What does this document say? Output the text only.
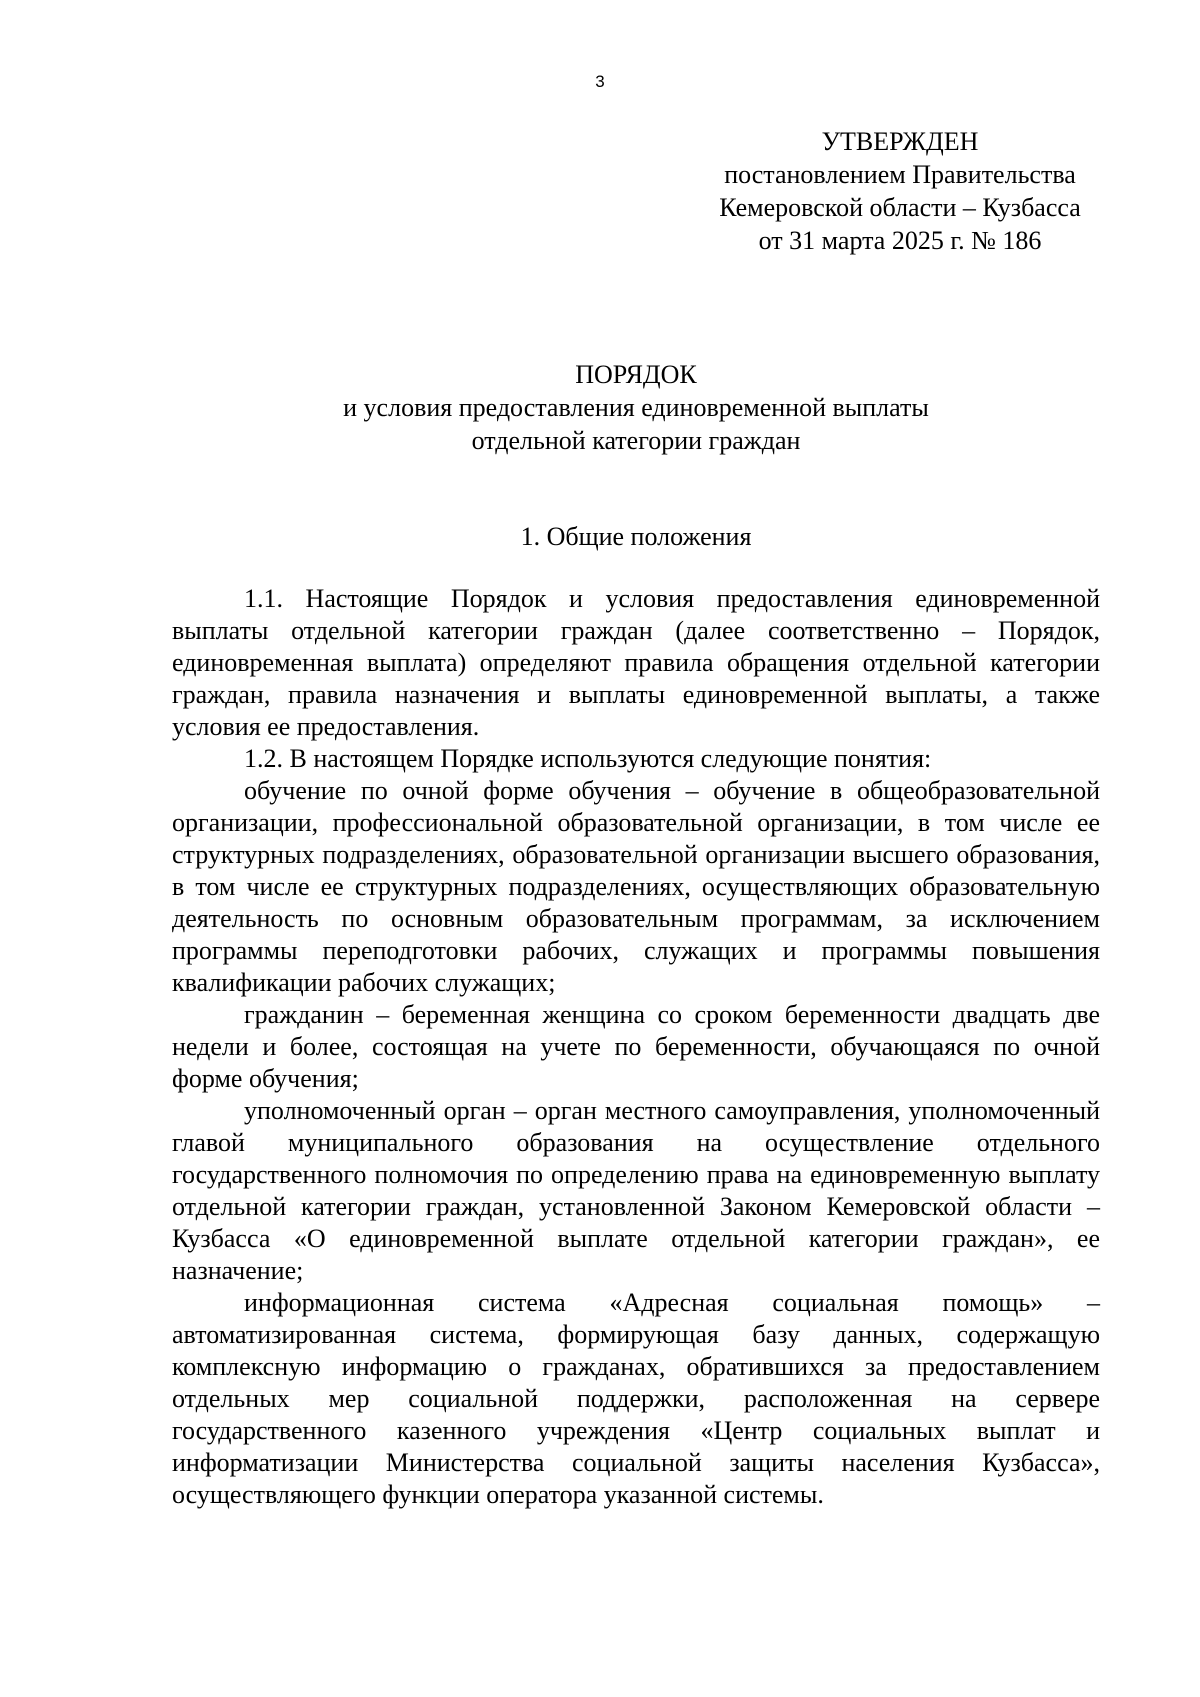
3
УТВЕРЖДЕН
постановлением Правительства
Кемеровской области – Кузбасса
от 31 марта 2025 г. № 186
ПОРЯДОК
и условия предоставления единовременной выплаты
отдельной категории граждан
1. Общие положения

1.1. Настоящие Порядок и условия предоставления единовременной выплаты отдельной категории граждан (далее соответственно – Порядок, единовременная выплата) определяют правила обращения отдельной категории граждан, правила назначения и выплаты единовременной выплаты, а также условия ее предоставления.

1.2. В настоящем Порядке используются следующие понятия:

обучение по очной форме обучения – обучение в общеобразовательной организации, профессиональной образовательной организации, в том числе ее структурных подразделениях, образовательной организации высшего образования, в том числе ее структурных подразделениях, осуществляющих образовательную деятельность по основным образовательным программам, за исключением программы переподготовки рабочих, служащих и программы повышения квалификации рабочих служащих;

гражданин – беременная женщина со сроком беременности двадцать две недели и более, состоящая на учете по беременности, обучающаяся по очной форме обучения;

уполномоченный орган – орган местного самоуправления, уполномоченный главой муниципального образования на осуществление отдельного государственного полномочия по определению права на единовременную выплату отдельной категории граждан, установленной Законом Кемеровской области – Кузбасса «О единовременной выплате отдельной категории граждан», ее назначение;

информационная система «Адресная социальная помощь» – автоматизированная система, формирующая базу данных, содержащую комплексную информацию о гражданах, обратившихся за предоставлением отдельных мер социальной поддержки, расположенная на сервере государственного казенного учреждения «Центр социальных выплат и информатизации Министерства социальной защиты населения Кузбасса», осуществляющего функции оператора указанной системы.
